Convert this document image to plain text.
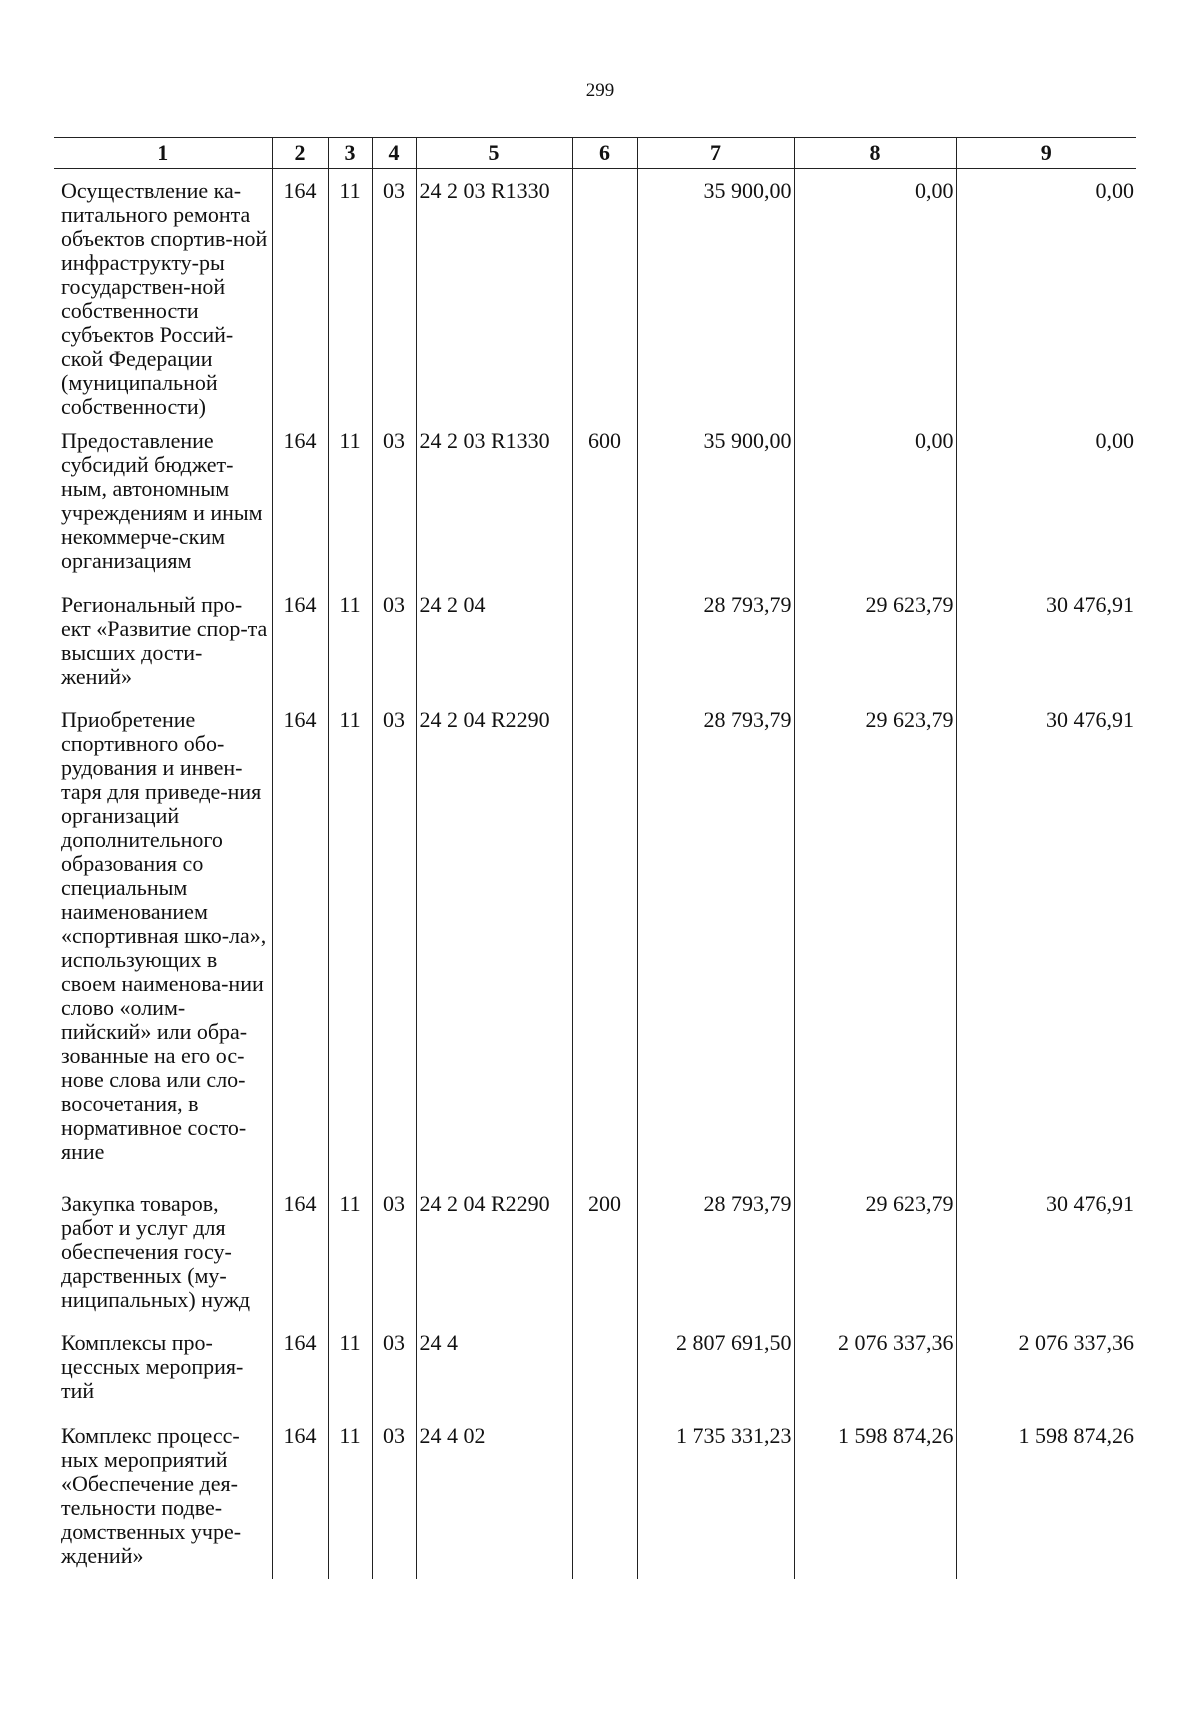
299
1	2	3	4	5	6	7	8	9
Осуществление ка-питального ремонта объектов спортив-ной инфраструкту-ры государствен-ной собственности субъектов Россий-ской Федерации (муниципальной собственности)	164	11	03	24 2 03 R1330		35 900,00	0,00	0,00
Предоставление субсидий бюджет-ным, автономным учреждениям и иным некоммерче-ским организациям	164	11	03	24 2 03 R1330	600	35 900,00	0,00	0,00
Региональный про-ект «Развитие спор-та высших дости-жений»	164	11	03	24 2 04		28 793,79	29 623,79	30 476,91
Приобретение спортивного обо-рудования и инвен-таря для приведе-ния организаций дополнительного образования со специальным наименованием «спортивная шко-ла», использующих в своем наименова-нии слово «олим-пийский» или обра-зованные на его ос-нове слова или сло-восочетания, в нормативное состо-яние	164	11	03	24 2 04 R2290		28 793,79	29 623,79	30 476,91
Закупка товаров, работ и услуг для обеспечения госу-дарственных (му-ниципальных) нужд	164	11	03	24 2 04 R2290	200	28 793,79	29 623,79	30 476,91
Комплексы про-цессных мероприя-тий	164	11	03	24 4		2 807 691,50	2 076 337,36	2 076 337,36
Комплекс процесс-ных мероприятий «Обеспечение дея-тельности подве-домственных учре-ждений»	164	11	03	24 4 02		1 735 331,23	1 598 874,26	1 598 874,26
